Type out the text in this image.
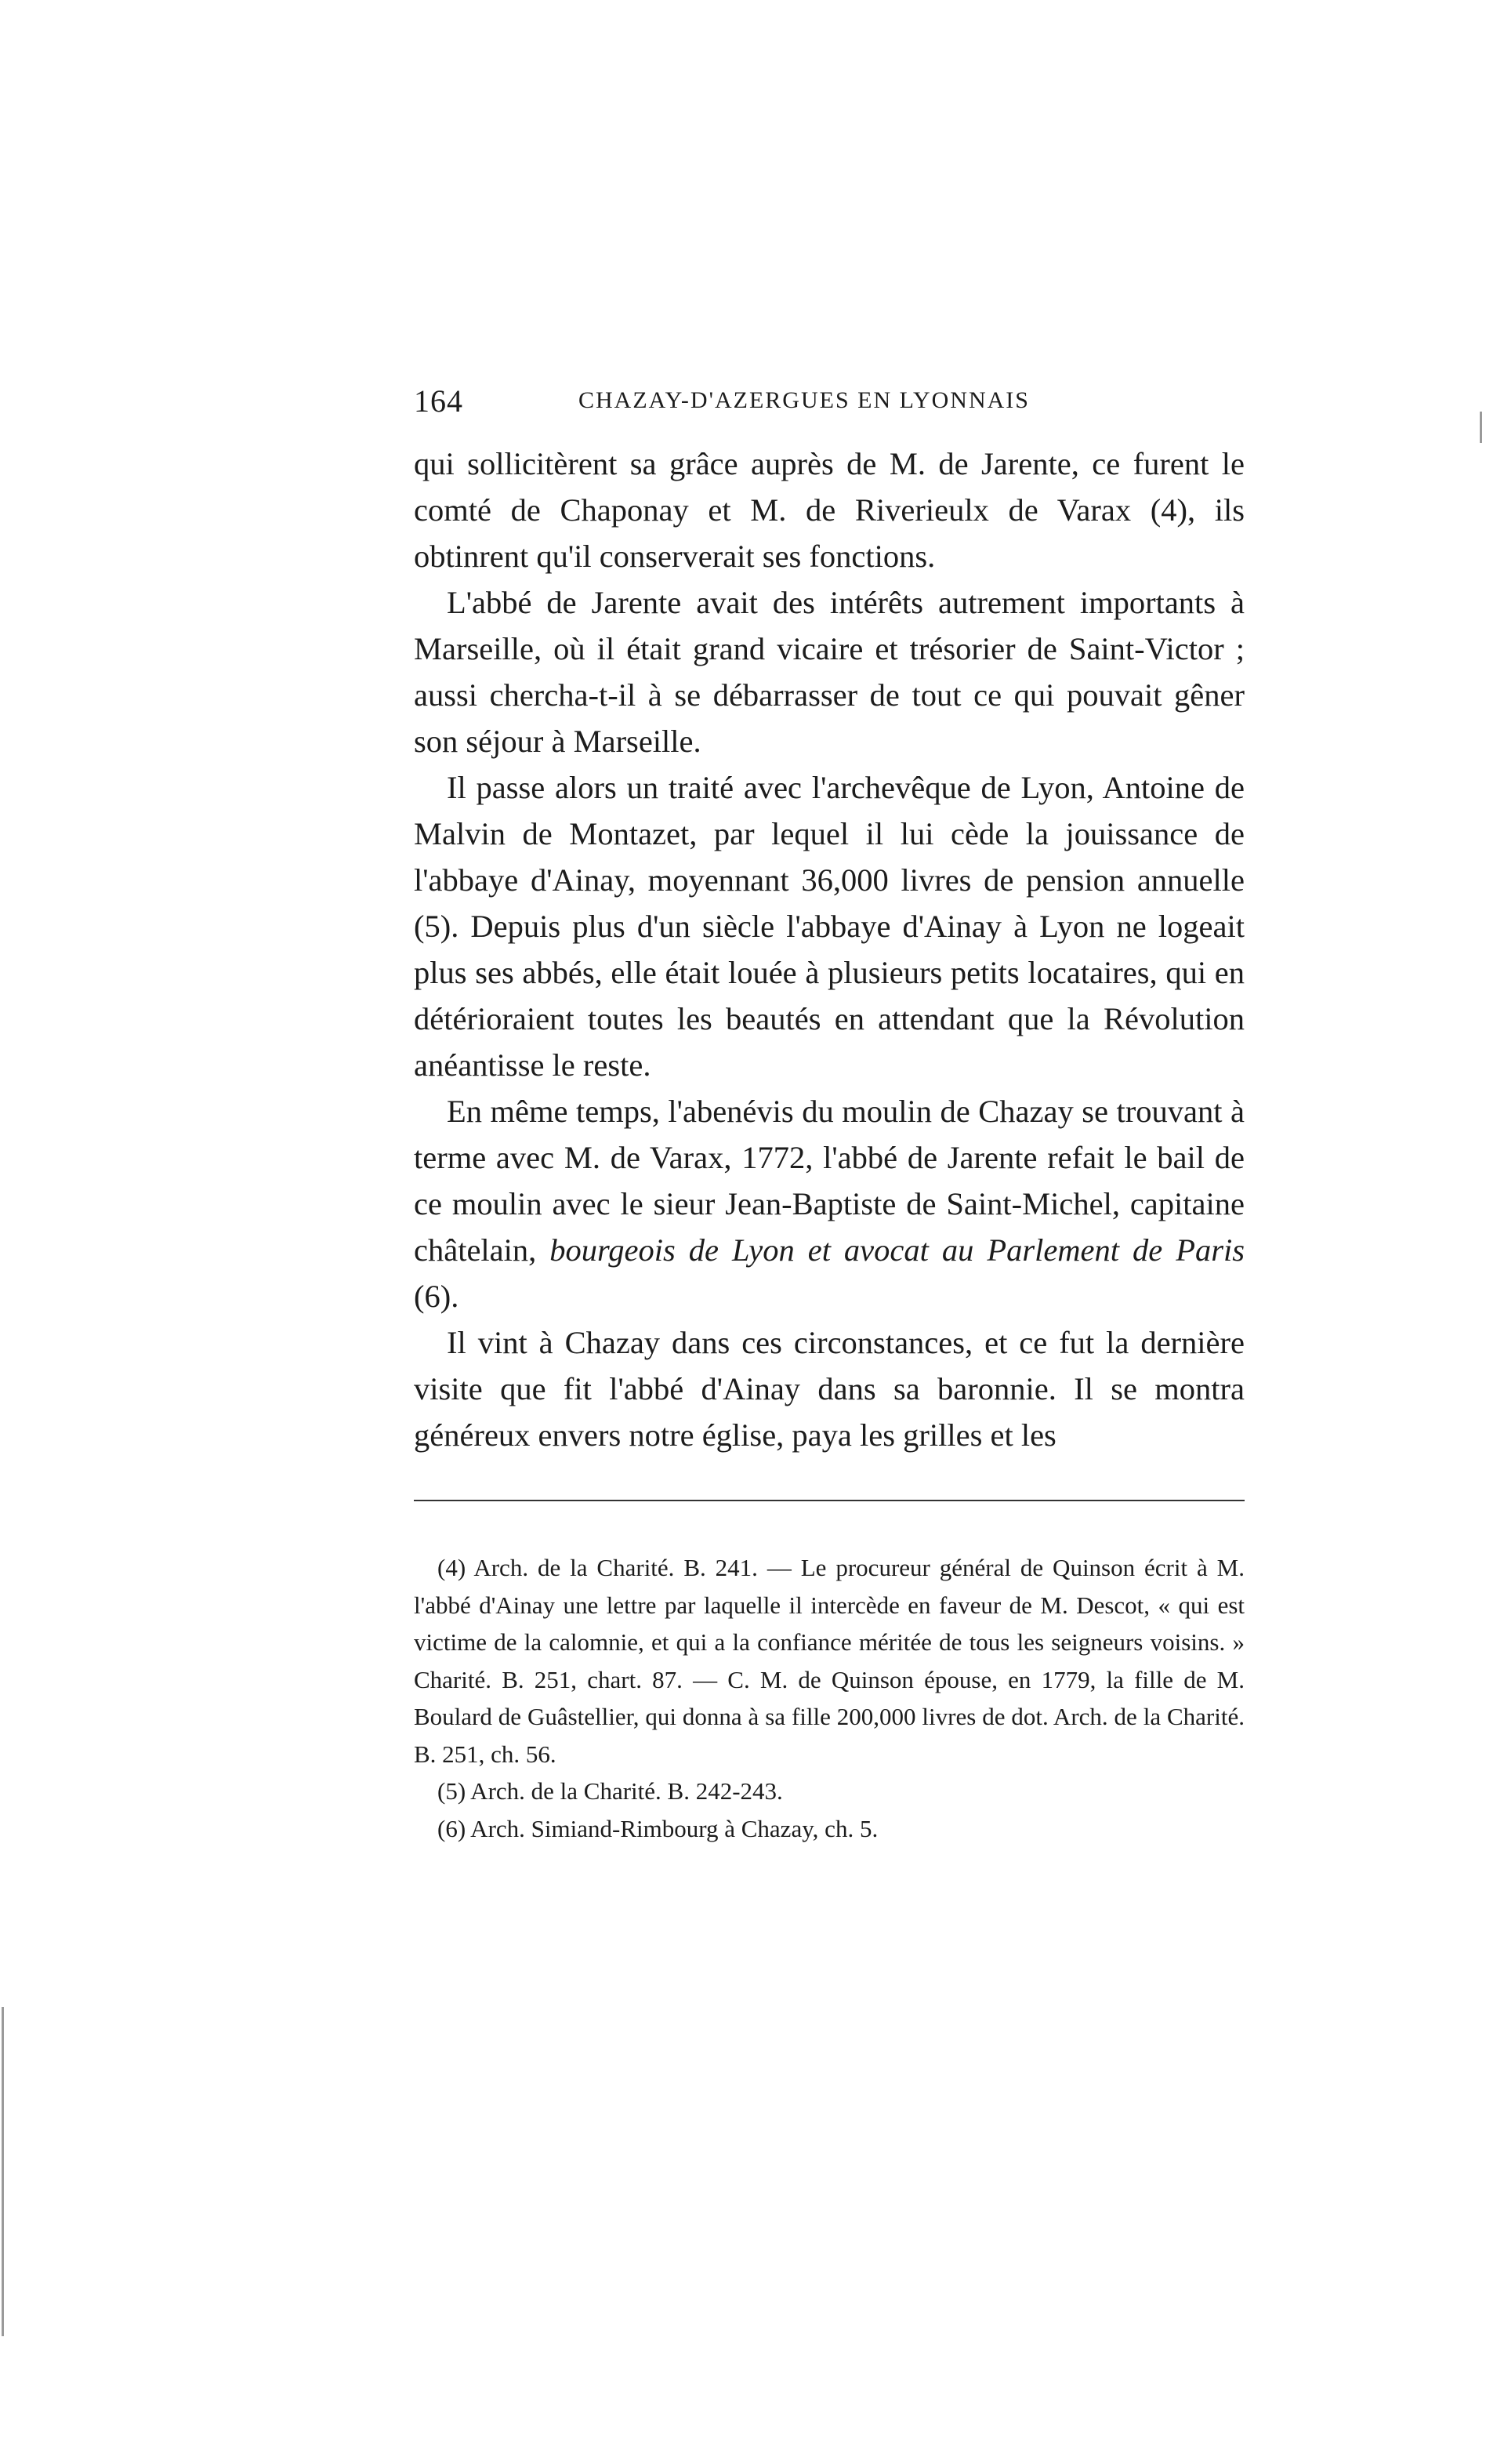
164	CHAZAY-D'AZERGUES EN LYONNAIS

qui sollicitèrent sa grâce auprès de M. de Jarente, ce furent le comté de Chaponay et M. de Riverieulx de Varax (4), ils obtinrent qu'il conserverait ses fonctions.

L'abbé de Jarente avait des intérêts autrement importants à Marseille, où il était grand vicaire et trésorier de Saint-Victor ; aussi chercha-t-il à se débarrasser de tout ce qui pouvait gêner son séjour à Marseille.

Il passe alors un traité avec l'archevêque de Lyon, Antoine de Malvin de Montazet, par lequel il lui cède la jouissance de l'abbaye d'Ainay, moyennant 36,000 livres de pension annuelle (5). Depuis plus d'un siècle l'abbaye d'Ainay à Lyon ne logeait plus ses abbés, elle était louée à plusieurs petits locataires, qui en détérioraient toutes les beautés en attendant que la Révolution anéantisse le reste.

En même temps, l'abenévis du moulin de Chazay se trouvant à terme avec M. de Varax, 1772, l'abbé de Jarente refait le bail de ce moulin avec le sieur Jean-Baptiste de Saint-Michel, capitaine châtelain, bourgeois de Lyon et avocat au Parlement de Paris (6).

Il vint à Chazay dans ces circonstances, et ce fut la dernière visite que fit l'abbé d'Ainay dans sa baronnie. Il se montra généreux envers notre église, paya les grilles et les

(4) Arch. de la Charité. B. 241. — Le procureur général de Quinson écrit à M. l'abbé d'Ainay une lettre par laquelle il intercède en faveur de M. Descot, « qui est victime de la calomnie, et qui a la confiance méritée de tous les seigneurs voisins. » Charité. B. 251, chart. 87. — C. M. de Quinson épouse, en 1779, la fille de M. Boulard de Guâstellier, qui donna à sa fille 200,000 livres de dot. Arch. de la Charité. B. 251, ch. 56.

(5) Arch. de la Charité. B. 242-243.

(6) Arch. Simiand-Rimbourg à Chazay, ch. 5.
